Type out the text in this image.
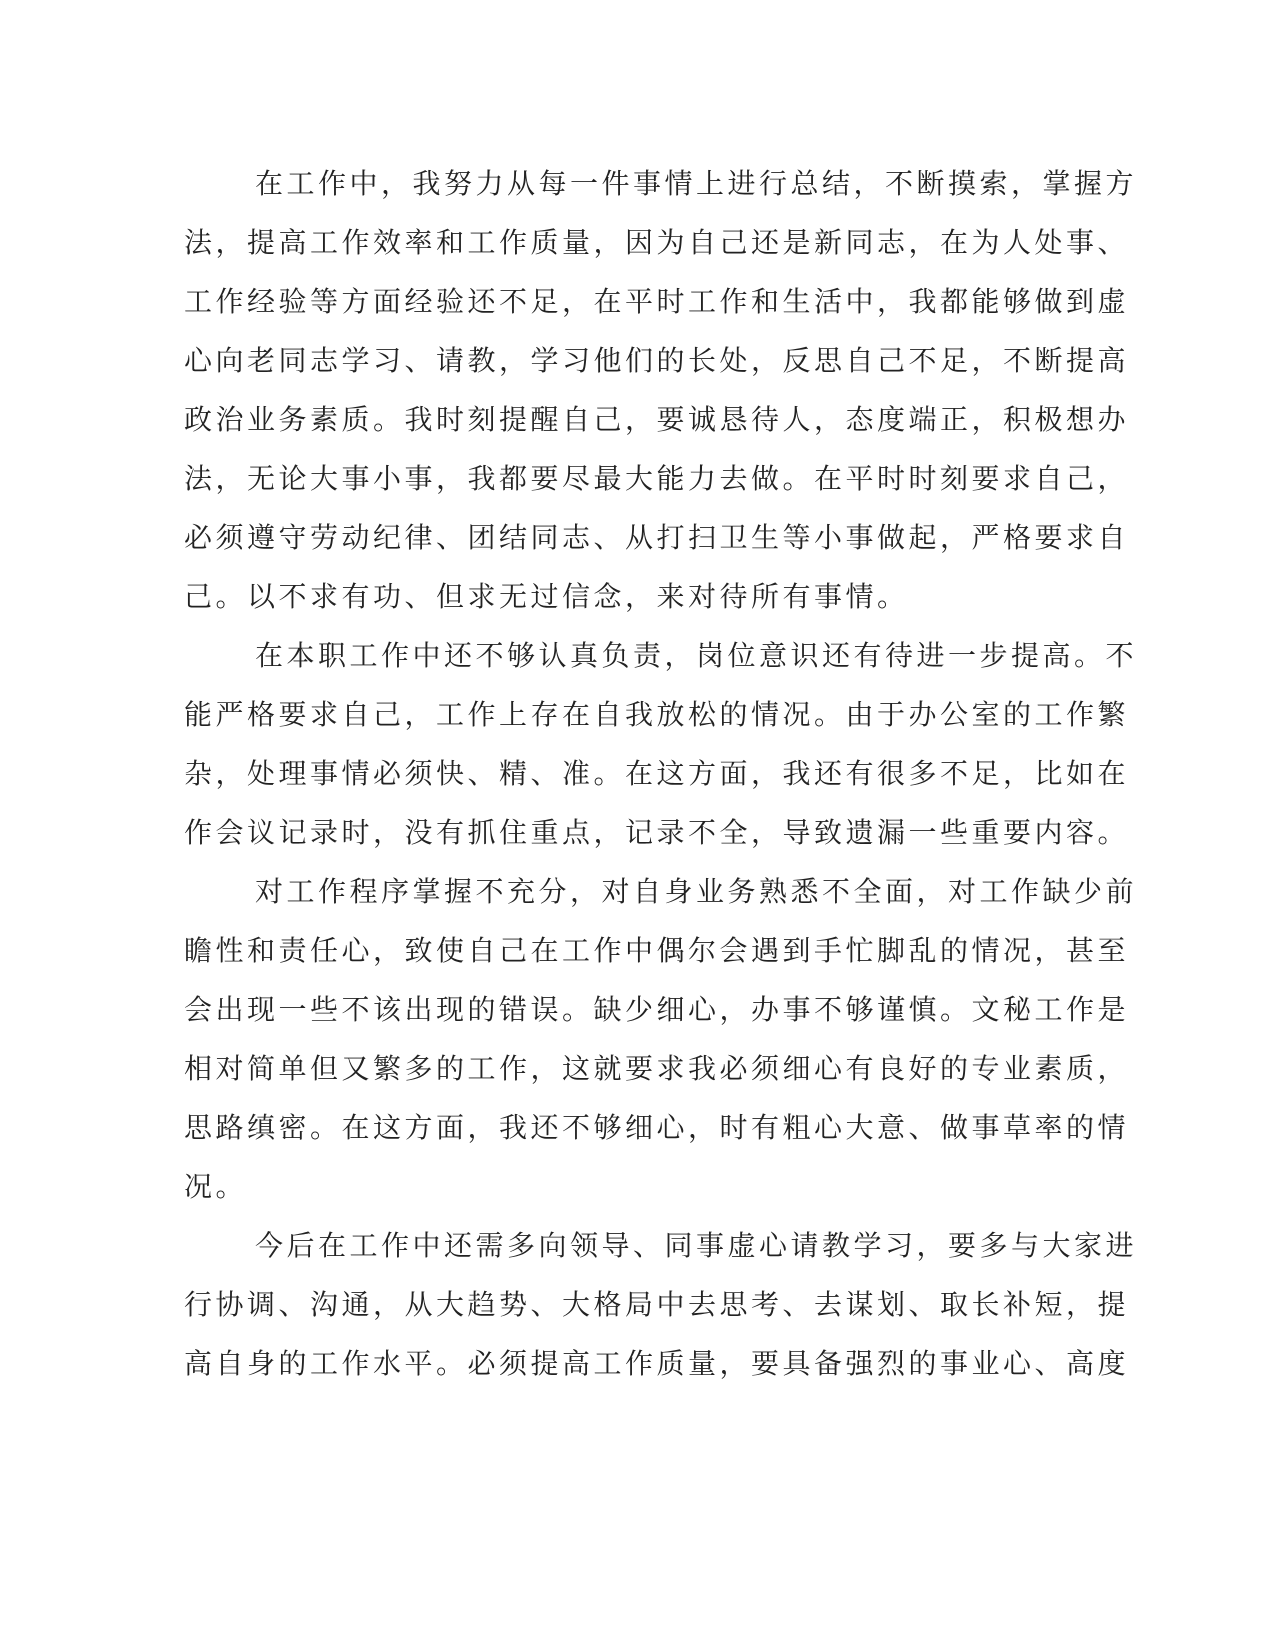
在工作中，我努力从每一件事情上进行总结，不断摸索，掌握方
法，提高工作效率和工作质量，因为自己还是新同志，在为人处事、
工作经验等方面经验还不足，在平时工作和生活中，我都能够做到虚
心向老同志学习、请教，学习他们的长处，反思自己不足，不断提高
政治业务素质。我时刻提醒自己，要诚恳待人，态度端正，积极想办
法，无论大事小事，我都要尽最大能力去做。在平时时刻要求自己，
必须遵守劳动纪律、团结同志、从打扫卫生等小事做起，严格要求自
己。以不求有功、但求无过信念，来对待所有事情。
在本职工作中还不够认真负责，岗位意识还有待进一步提高。不
能严格要求自己，工作上存在自我放松的情况。由于办公室的工作繁
杂，处理事情必须快、精、准。在这方面，我还有很多不足，比如在
作会议记录时，没有抓住重点，记录不全，导致遗漏一些重要内容。
对工作程序掌握不充分，对自身业务熟悉不全面，对工作缺少前
瞻性和责任心，致使自己在工作中偶尔会遇到手忙脚乱的情况，甚至
会出现一些不该出现的错误。缺少细心，办事不够谨慎。文秘工作是
相对简单但又繁多的工作，这就要求我必须细心有良好的专业素质，
思路缜密。在这方面，我还不够细心，时有粗心大意、做事草率的情
况。
今后在工作中还需多向领导、同事虚心请教学习，要多与大家进
行协调、沟通，从大趋势、大格局中去思考、去谋划、取长补短，提
高自身的工作水平。必须提高工作质量，要具备强烈的事业心、高度
